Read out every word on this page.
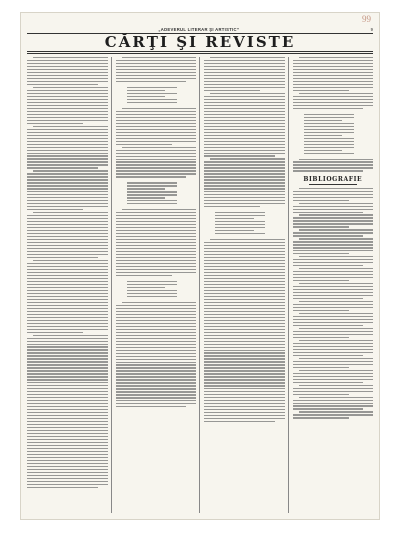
99
„ADEVERUL LITERAR ŞI ARTISTIC”	9
CĂRŢI ŞI REVISTE
BIBLIOGRAFIE
